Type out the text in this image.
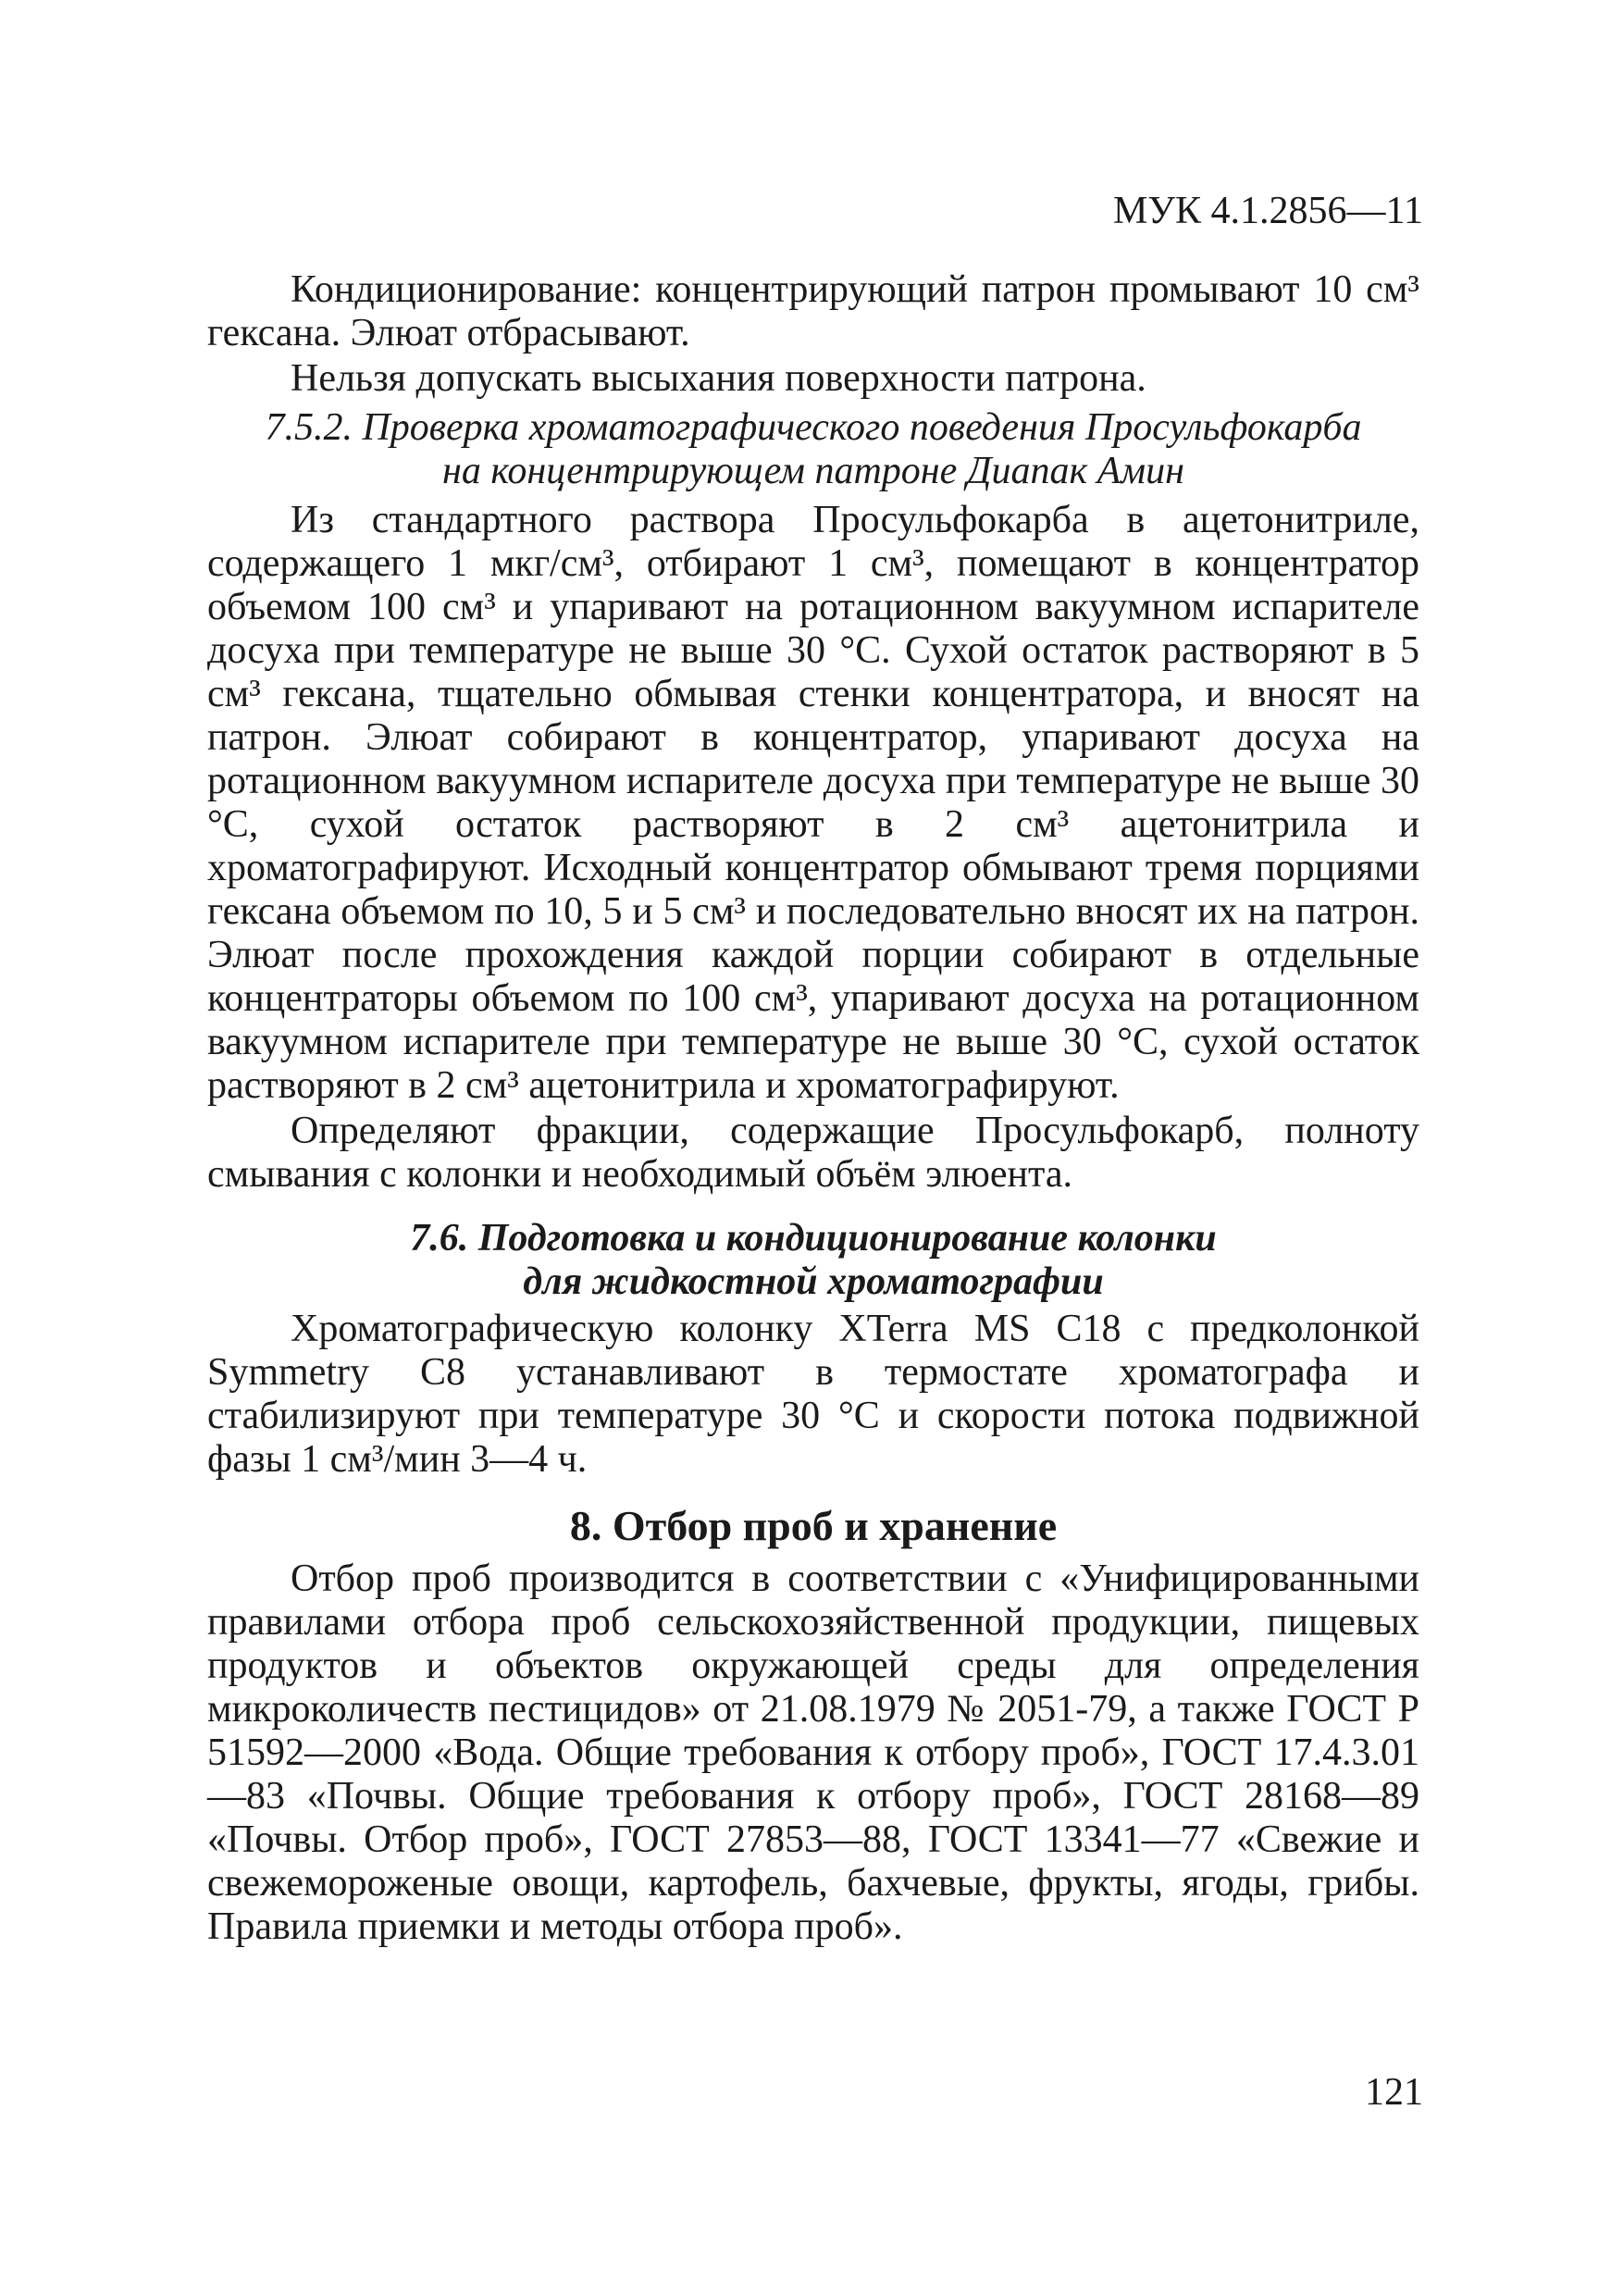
МУК 4.1.2856—11

Кондиционирование: концентрирующий патрон промывают 10 см³ гексана. Элюат отбрасывают.

Нельзя допускать высыхания поверхности патрона.

7.5.2. Проверка хроматографического поведения Просульфокарба
на концентрирующем патроне Диапак Амин

Из стандартного раствора Просульфокарба в ацетонитриле, содержащего 1 мкг/см³, отбирают 1 см³, помещают в концентратор объемом 100 см³ и упаривают на ротационном вакуумном испарителе досуха при температуре не выше 30 °С. Сухой остаток растворяют в 5 см³ гексана, тщательно обмывая стенки концентратора, и вносят на патрон. Элюат собирают в концентратор, упаривают досуха на ротационном вакуумном испарителе досуха при температуре не выше 30 °С, сухой остаток растворяют в 2 см³ ацетонитрила и хроматографируют. Исходный концентратор обмывают тремя порциями гексана объемом по 10, 5 и 5 см³ и последовательно вносят их на патрон. Элюат после прохождения каждой порции собирают в отдельные концентраторы объемом по 100 см³, упаривают досуха на ротационном вакуумном испарителе при температуре не выше 30 °С, сухой остаток растворяют в 2 см³ ацетонитрила и хроматографируют.

Определяют фракции, содержащие Просульфокарб, полноту смывания с колонки и необходимый объём элюента.

7.6. Подготовка и кондиционирование колонки
для жидкостной хроматографии

Хроматографическую колонку XTerra MS C18 с предколонкой Symmetry C8 устанавливают в термостате хроматографа и стабилизируют при температуре 30 °С и скорости потока подвижной фазы 1 см³/мин 3—4 ч.

8. Отбор проб и хранение

Отбор проб производится в соответствии с «Унифицированными правилами отбора проб сельскохозяйственной продукции, пищевых продуктов и объектов окружающей среды для определения микроколичеств пестицидов» от 21.08.1979 № 2051-79, а также ГОСТ Р 51592—2000 «Вода. Общие требования к отбору проб», ГОСТ 17.4.3.01—83 «Почвы. Общие требования к отбору проб», ГОСТ 28168—89 «Почвы. Отбор проб», ГОСТ 27853—88, ГОСТ 13341—77 «Свежие и свежемороженые овощи, картофель, бахчевые, фрукты, ягоды, грибы. Правила приемки и методы отбора проб».

121
